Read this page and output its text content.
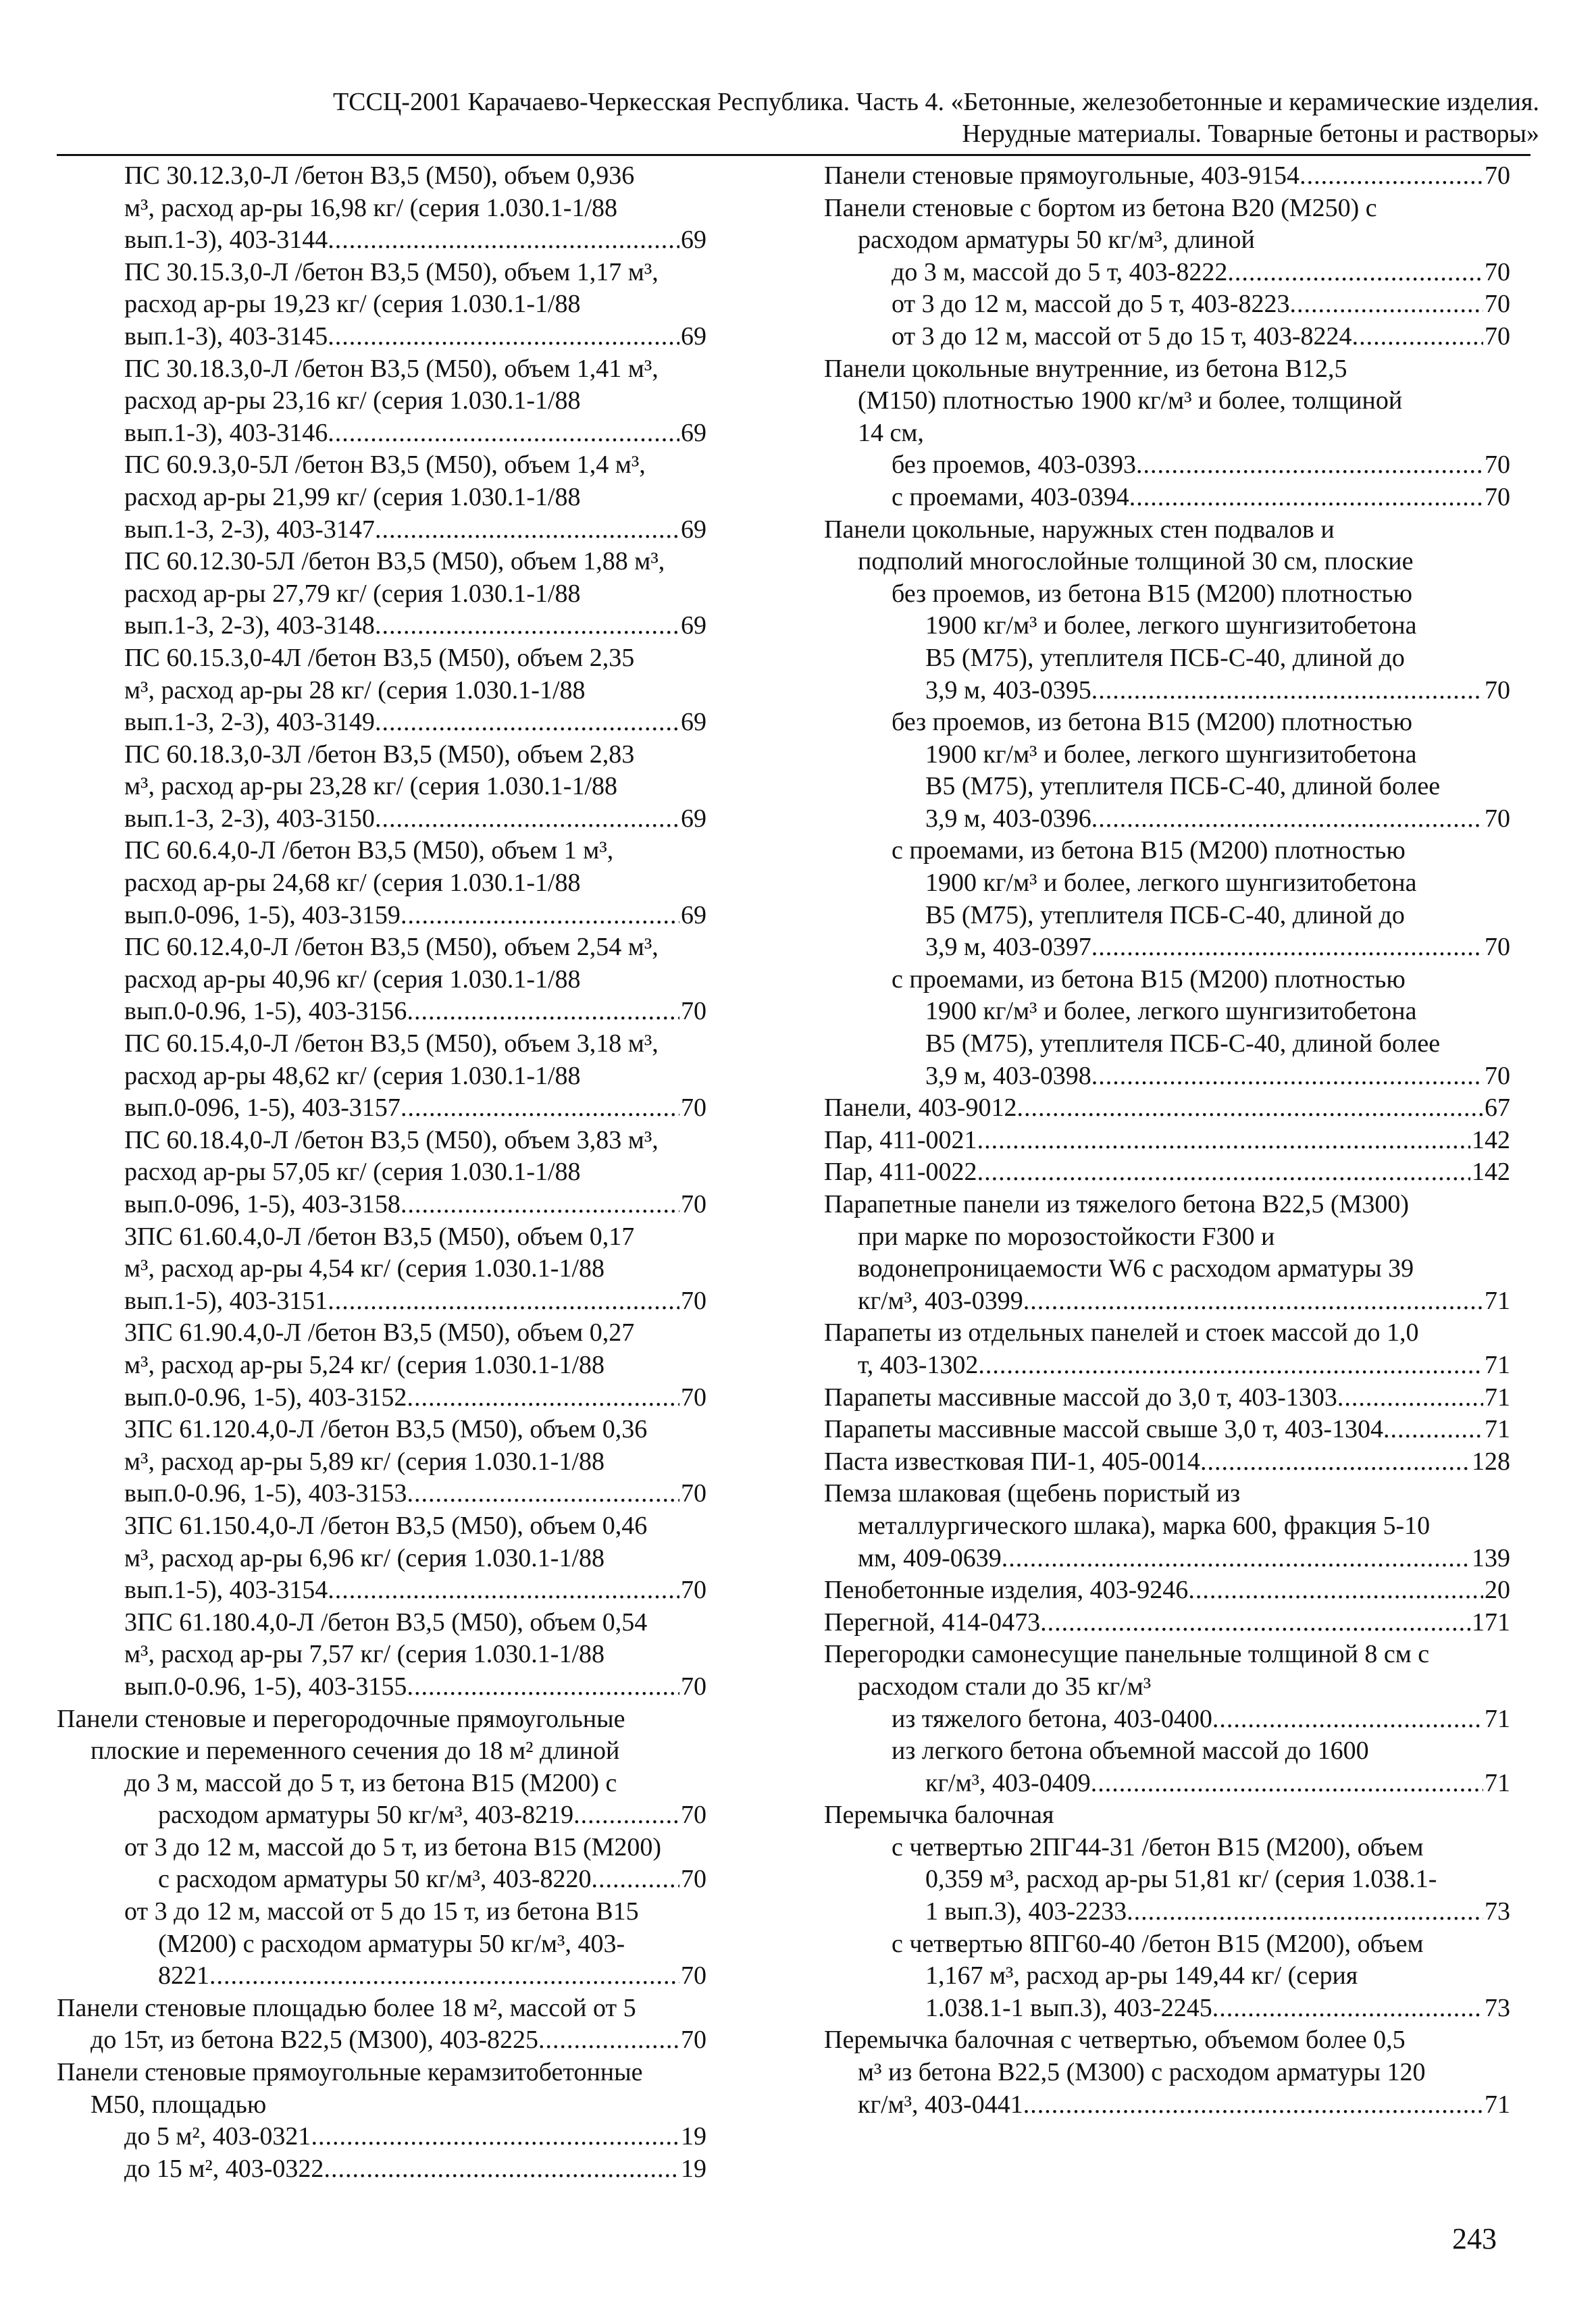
ТССЦ-2001 Карачаево-Черкесская Республика. Часть 4. «Бетонные, железобетонные и керамические изделия.
Нерудные материалы. Товарные бетоны и растворы»
ПС 30.12.3,0-Л /бетон В3,5 (М50), объем 0,936
м³, расход ар-ры 16,98 кг/ (серия 1.030.1-1/88
вып.1-3), 403-3144 .....	69
ПС 30.15.3,0-Л /бетон В3,5 (М50), объем 1,17 м³,
расход ар-ры 19,23 кг/ (серия 1.030.1-1/88
вып.1-3), 403-3145 .....	69
ПС 30.18.3,0-Л /бетон В3,5 (М50), объем 1,41 м³,
расход ар-ры 23,16 кг/ (серия 1.030.1-1/88
вып.1-3), 403-3146 .....	69
ПС 60.9.3,0-5Л /бетон В3,5 (М50), объем 1,4 м³,
расход ар-ры 21,99 кг/ (серия 1.030.1-1/88
вып.1-3, 2-3), 403-3147 .....	69
ПС 60.12.30-5Л /бетон В3,5 (М50), объем 1,88 м³,
расход ар-ры 27,79 кг/ (серия 1.030.1-1/88
вып.1-3, 2-3), 403-3148 .....	69
ПС 60.15.3,0-4Л /бетон В3,5 (М50), объем 2,35
м³, расход ар-ры 28 кг/ (серия 1.030.1-1/88
вып.1-3, 2-3), 403-3149 .....	69
ПС 60.18.3,0-3Л /бетон В3,5 (М50), объем 2,83
м³, расход ар-ры 23,28 кг/ (серия 1.030.1-1/88
вып.1-3, 2-3), 403-3150 .....	69
ПС 60.6.4,0-Л /бетон В3,5 (М50), объем 1 м³,
расход ар-ры 24,68 кг/ (серия 1.030.1-1/88
вып.0-096, 1-5), 403-3159 .....	69
ПС 60.12.4,0-Л /бетон В3,5 (М50), объем 2,54 м³,
расход ар-ры 40,96 кг/ (серия 1.030.1-1/88
вып.0-0.96, 1-5), 403-3156 .....	70
ПС 60.15.4,0-Л /бетон В3,5 (М50), объем 3,18 м³,
расход ар-ры 48,62 кг/ (серия 1.030.1-1/88
вып.0-096, 1-5), 403-3157 .....	70
ПС 60.18.4,0-Л /бетон В3,5 (М50), объем 3,83 м³,
расход ар-ры 57,05 кг/ (серия 1.030.1-1/88
вып.0-096, 1-5), 403-3158 .....	70
3ПС 61.60.4,0-Л /бетон В3,5 (М50), объем 0,17
м³, расход ар-ры 4,54 кг/ (серия 1.030.1-1/88
вып.1-5), 403-3151 .....	70
3ПС 61.90.4,0-Л /бетон В3,5 (М50), объем 0,27
м³, расход ар-ры 5,24 кг/ (серия 1.030.1-1/88
вып.0-0.96, 1-5), 403-3152 .....	70
3ПС 61.120.4,0-Л /бетон В3,5 (М50), объем 0,36
м³, расход ар-ры 5,89 кг/ (серия 1.030.1-1/88
вып.0-0.96, 1-5), 403-3153 .....	70
3ПС 61.150.4,0-Л /бетон В3,5 (М50), объем 0,46
м³, расход ар-ры 6,96 кг/ (серия 1.030.1-1/88
вып.1-5), 403-3154 .....	70
3ПС 61.180.4,0-Л /бетон В3,5 (М50), объем 0,54
м³, расход ар-ры 7,57 кг/ (серия 1.030.1-1/88
вып.0-0.96, 1-5), 403-3155 .....	70
Панели стеновые и перегородочные прямоугольные
плоские и переменного сечения до 18 м² длиной
до 3 м, массой до 5 т, из бетона В15 (М200) с
расходом арматуры 50 кг/м³, 403-8219 .....	70
от 3 до 12 м, массой до 5 т, из бетона В15 (М200)
с расходом арматуры 50 кг/м³, 403-8220 .....	70
от 3 до 12 м, массой от 5 до 15 т, из бетона В15
(М200) с расходом арматуры 50 кг/м³, 403-
8221 .....	70
Панели стеновые площадью более 18 м², массой от 5
до 15т, из бетона В22,5 (М300), 403-8225 .....	70
Панели стеновые прямоугольные керамзитобетонные
М50, площадью
до 5 м², 403-0321 .....	19
до 15 м², 403-0322 .....	19
Панели стеновые прямоугольные, 403-9154 .....	70
Панели стеновые с бортом из бетона В20 (М250) с
расходом арматуры 50 кг/м³, длиной
до 3 м, массой до 5 т, 403-8222 .....	70
от 3 до 12 м, массой до 5 т, 403-8223 .....	70
от 3 до 12 м, массой от 5 до 15 т, 403-8224 .....	70
Панели цокольные внутренние, из бетона В12,5
(М150) плотностью 1900 кг/м³ и более, толщиной
14 см,
без проемов, 403-0393 .....	70
с проемами, 403-0394 .....	70
Панели цокольные, наружных стен подвалов и
подполий многослойные толщиной 30 см, плоские
без проемов, из бетона В15 (М200) плотностью
1900 кг/м³ и более, легкого шунгизитобетона
В5 (М75), утеплителя ПСБ-С-40, длиной до
3,9 м, 403-0395 .....	70
без проемов, из бетона В15 (М200) плотностью
1900 кг/м³ и более, легкого шунгизитобетона
В5 (М75), утеплителя ПСБ-С-40, длиной более
3,9 м, 403-0396 .....	70
с проемами, из бетона В15 (М200) плотностью
1900 кг/м³ и более, легкого шунгизитобетона
В5 (М75), утеплителя ПСБ-С-40, длиной до
3,9 м, 403-0397 .....	70
с проемами, из бетона В15 (М200) плотностью
1900 кг/м³ и более, легкого шунгизитобетона
В5 (М75), утеплителя ПСБ-С-40, длиной более
3,9 м, 403-0398 .....	70
Панели, 403-9012 .....	67
Пар, 411-0021 .....	142
Пар, 411-0022 .....	142
Парапетные панели из тяжелого бетона В22,5 (М300)
при марке по морозостойкости F300 и
водонепроницаемости W6 с расходом арматуры 39
кг/м³, 403-0399 .....	71
Парапеты из отдельных панелей и стоек массой до 1,0
т, 403-1302 .....	71
Парапеты массивные массой до 3,0 т, 403-1303 .....	71
Парапеты массивные массой свыше 3,0 т, 403-1304 .....	71
Паста известковая ПИ-1, 405-0014 .....	128
Пемза шлаковая (щебень пористый из
металлургического шлака), марка 600, фракция 5-10
мм, 409-0639 .....	139
Пенобетонные изделия, 403-9246 .....	20
Перегной, 414-0473 .....	171
Перегородки самонесущие панельные толщиной 8 см с
расходом стали до 35 кг/м³
из тяжелого бетона, 403-0400 .....	71
из легкого бетона объемной массой до 1600
кг/м³, 403-0409 .....	71
Перемычка балочная
с четвертью 2ПГ44-31 /бетон В15 (М200), объем
0,359 м³, расход ар-ры 51,81 кг/ (серия 1.038.1-
1 вып.3), 403-2233 .....	73
с четвертью 8ПГ60-40 /бетон В15 (М200), объем
1,167 м³, расход ар-ры 149,44 кг/ (серия
1.038.1-1 вып.3), 403-2245 .....	73
Перемычка балочная с четвертью, объемом более 0,5
м³ из бетона В22,5 (М300) с расходом арматуры 120
кг/м³, 403-0441 .....	71
243
